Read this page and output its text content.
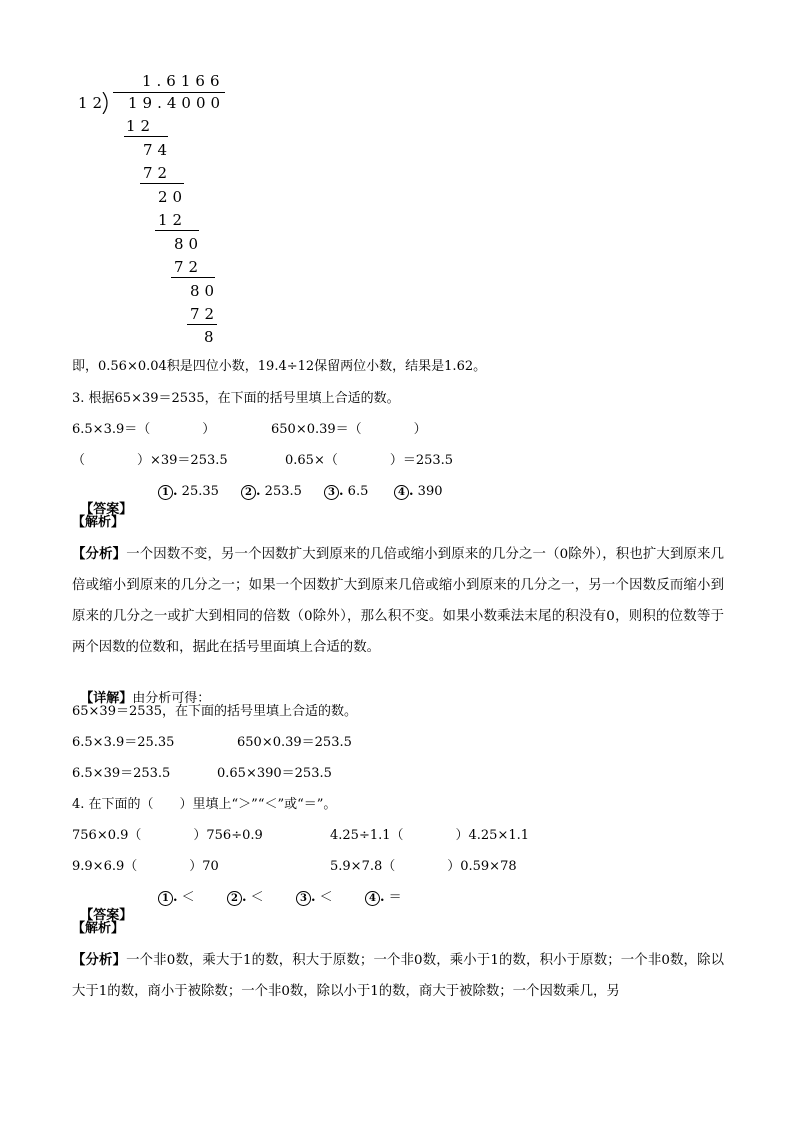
1.6166
12 19.4000
12
74
72
20
12
80
72
80
72
8
即，0.56×0.04积是四位小数，19.4÷12保留两位小数，结果是1.62。
3. 根据65×39＝2535，在下面的括号里填上合适的数。
6.5×3.9＝（　　　　）	650×0.39＝（　　　　）
（　　　　）×39＝253.5	0.65×（　　　　）＝253.5

【答案】

1 . 25.35	2 . 253.5	3 . 6.5	4 . 390
【解析】
【分析】一个因数不变，另一个因数扩大到原来的几倍或缩小到原来的几分之一（0除外），积也扩大到原来几倍或缩小到原来的几分之一；如果一个因数扩大到原来几倍或缩小到原来的几分之一，另一个因数反而缩小到原来的几分之一或扩大到相同的倍数（0除外），那么积不变。如果小数乘法末尾的积没有0，则积的位数等于两个因数的位数和，据此在括号里面填上合适的数。

【详解】由分析可得：

65×39＝2535，在下面的括号里填上合适的数。
6.5×3.9＝25.35	650×0.39＝253.5
6.5×39＝253.5	0.65×390＝253.5
4. 在下面的（　　）里填上“＞”“＜”或“＝”。
756×0.9（　　　　）756÷0.9	4.25÷1.1（　　　　）4.25×1.1
9.9×6.9（　　　　）70	5.9×7.8（　　　　）0.59×78

【答案】

1 . ＜	2 . ＜	3 . ＜	4 . ＝
【解析】
【分析】一个非0数，乘大于1的数，积大于原数；一个非0数，乘小于1的数，积小于原数；一个非0数，除以大于1的数，商小于被除数；一个非0数，除以小于1的数，商大于被除数；一个因数乘几，另
